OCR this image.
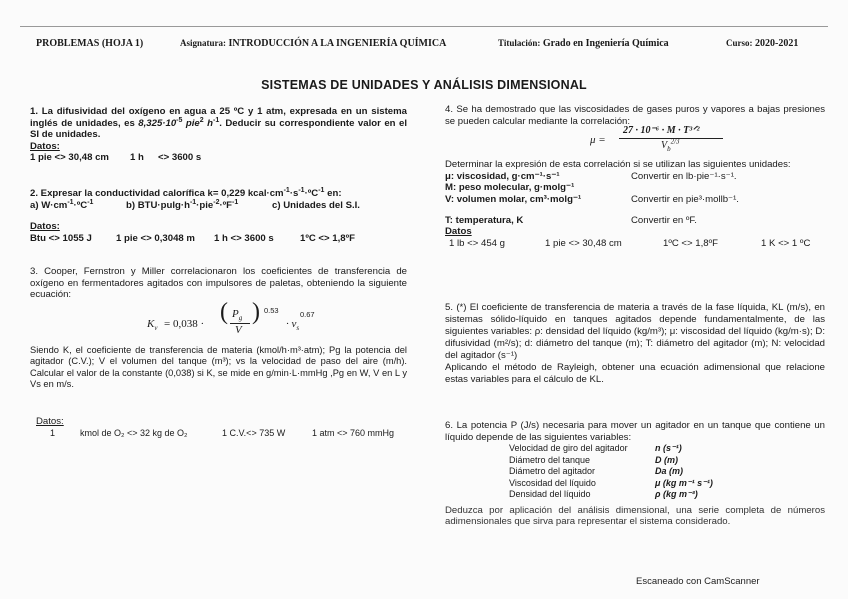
PROBLEMAS (HOJA 1)	Asignatura: INTRODUCCIÓN A LA INGENIERÍA QUÍMICA	Titulación: Grado en Ingeniería Química	Curso: 2020-2021
SISTEMAS DE UNIDADES Y ANÁLISIS DIMENSIONAL

1. La difusividad del oxígeno en agua a 25 ºC y 1 atm, expresada en un sistema inglés de unidades, es $8,325\cdot 10^{-5}$ pie$^2$ $h^{-1}$. Deducir su correspondiente valor en el SI de unidades.

Datos:
1 pie <> 30,48 cm	1 h	<> 3600 s
2. Expresar la conductividad calorífica k= 0,229 $kcal\cdot cm^{-1}\cdot s^{-1}\cdot ºC^{-1}$ en:
a) $W\cdot cm^{-1}\cdot ºC^{-1}$	b) $BTU\cdot pulg\cdot h^{-1}\cdot pie^{-2}\cdot ºF^{-1}$	c) Unidades del S.I.
Datos:
Btu <> 1055 J	1 pie <> 0,3048 m	1 h <> 3600 s	1ºC <> 1,8ºF

3. Cooper, Fernstron y Miller correlacionaron los coeficientes de transferencia de oxígeno en fermentadores agitados con impulsores de paletas, obteniendo la siguiente ecuación:

$K_v = 0,038$ · ( $P_g$
V
) 0.53
· $v_s$
0.67

Siendo K, el coeficiente de transferencia de materia (kmol/h·m³·atm); Pg la potencia del agitador (C.V.); V el volumen del tanque (m³); vs la velocidad de paso del aire (m/h). Calcular el valor de la constante (0,038) si K, se mide en g/min·L·mmHg ,Pg en W, V en L y Vs en m/s.

Datos:
1	kmol de O₂ <> 32 kg de O₂	1 C.V.<> 735 W	1 atm <> 760 mmHg

4. Se ha demostrado que las viscosidades de gases puros y vapores a bajas presiones se pueden calcular mediante la correlación:

μ =
27 · 10⁻⁶ · M · T³ᐟ²
$V_b^{2/3}$

Determinar la expresión de esta correlación si se utilizan las siguientes unidades:

μ: viscosidad, g·cm⁻¹·s⁻¹	Convertir en lb·pie⁻¹·s⁻¹.
M: peso molecular, g·molg⁻¹
V: volumen molar, cm³·molg⁻¹	Convertir en pie³·mollb⁻¹.
T: temperatura, K	Convertir en ºF.
Datos
1 lb <> 454 g	1 pie <> 30,48 cm	1ºC <> 1,8ºF	1 K <> 1 ºC

5. (*) El coeficiente de transferencia de materia a través de la fase líquida, KL (m/s), en sistemas sólido-líquido en tanques agitados depende fundamentalmente, de las siguientes variables: ρ: densidad del líquido (kg/m³); μ: viscosidad del líquido (kg/m·s); D: difusividad (m²/s); d: diámetro del tanque (m); T: diámetro del agitador (m); N: velocidad del agitador (s⁻¹)

Aplicando el método de Rayleigh, obtener una ecuación adimensional que relacione estas variables para el cálculo de KL.

6. La potencia P (J/s) necesaria para mover un agitador en un tanque que contiene un líquido depende de las siguientes variables:

Velocidad de giro del agitador	n (s⁻¹)
Diámetro del tanque	D (m)
Diámetro del agitador	Da (m)
Viscosidad del líquido	μ (kg m⁻¹ s⁻¹)
Densidad del líquido	ρ (kg m⁻³)

Deduzca por aplicación del análisis dimensional, una serie completa de números adimensionales que sirva para representar el sistema considerado.

Escaneado con CamScanner
